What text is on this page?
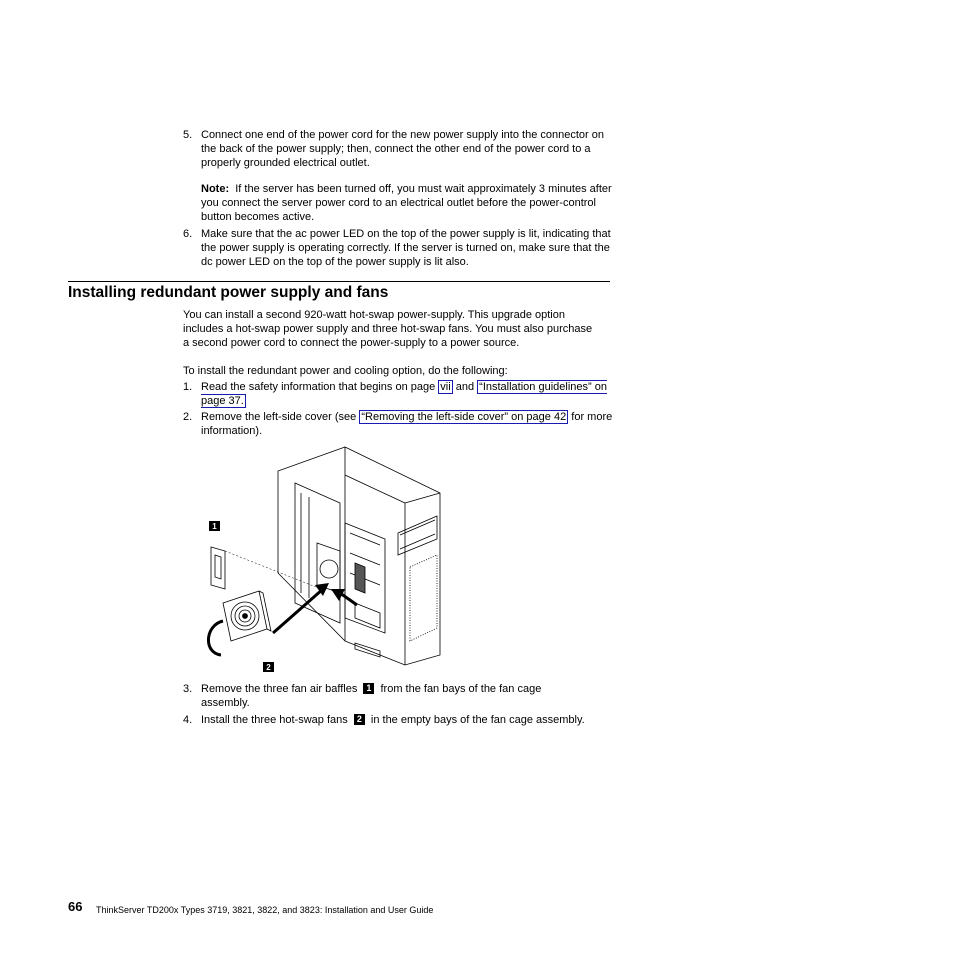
5. Connect one end of the power cord for the new power supply into the connector on the back of the power supply; then, connect the other end of the power cord to a properly grounded electrical outlet.
Note: If the server has been turned off, you must wait approximately 3 minutes after you connect the server power cord to an electrical outlet before the power-control button becomes active.
6. Make sure that the ac power LED on the top of the power supply is lit, indicating that the power supply is operating correctly. If the server is turned on, make sure that the dc power LED on the top of the power supply is lit also.
Installing redundant power supply and fans
You can install a second 920-watt hot-swap power-supply. This upgrade option includes a hot-swap power supply and three hot-swap fans. You must also purchase a second power cord to connect the power-supply to a power source.
To install the redundant power and cooling option, do the following:
1. Read the safety information that begins on page vii and “Installation guidelines” on page 37.
2. Remove the left-side cover (see “Removing the left-side cover” on page 42 for more information).
1
2
3. Remove the three fan air baffles 1 from the fan bays of the fan cage assembly.
4. Install the three hot-swap fans 2 in the empty bays of the fan cage assembly.
66 ThinkServer TD200x Types 3719, 3821, 3822, and 3823: Installation and User Guide
